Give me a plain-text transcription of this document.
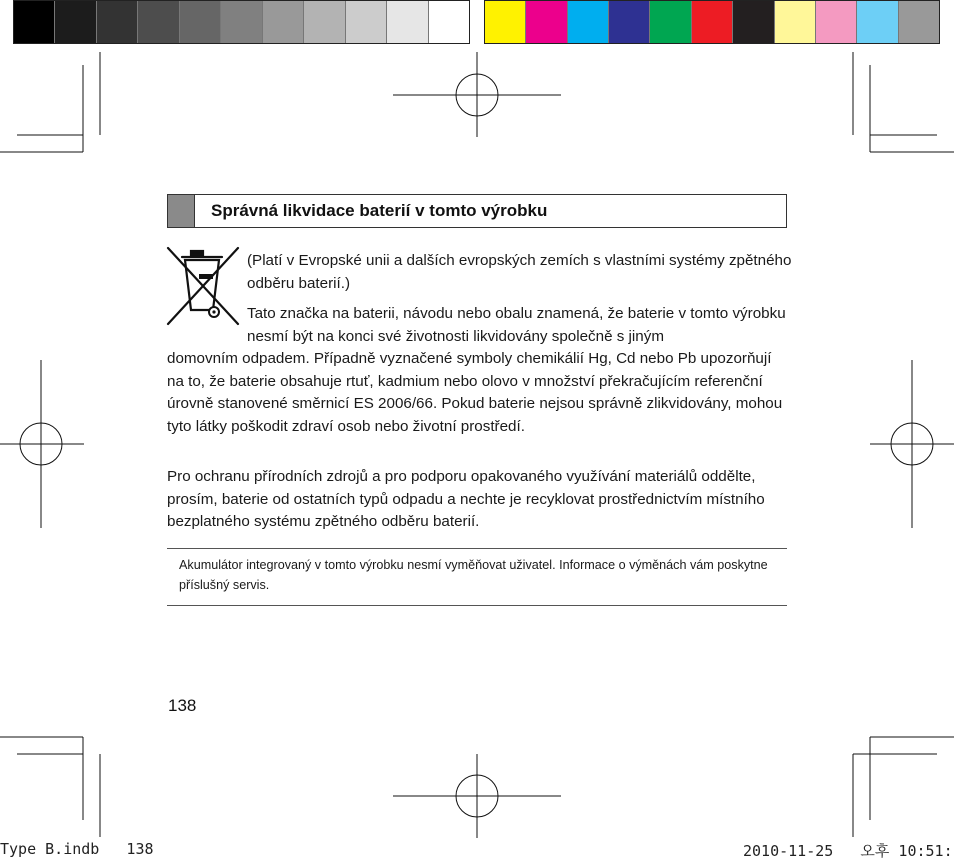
Správná likvidace baterií v tomto výrobku

(Platí v Evropské unii a dalších evropských zemích s vlastními systémy zpětného odběru baterií.)

Tato značka na baterii, návodu nebo obalu znamená, že baterie v tomto výrobku nesmí být na konci své životnosti likvidovány společně s jiným

domovním odpadem. Případně vyznačené symboly chemikálií Hg, Cd nebo Pb upozorňují na to, že baterie obsahuje rtuť, kadmium nebo olovo v množství překračujícím referenční úrovně stanovené směrnicí ES 2006/66. Pokud baterie nejsou správně zlikvidovány, mohou tyto látky poškodit zdraví osob nebo životní prostředí.

Pro ochranu přírodních zdrojů a pro podporu opakovaného využívání materiálů oddělte, prosím, baterie od ostatních typů odpadu a nechte je recyklovat prostřednictvím místního bezplatného systému zpětného odběru baterií.

Akumulátor integrovaný v tomto výrobku nesmí vyměňovat uživatel. Informace o výměnách vám poskytne příslušný servis.
138
Type B.indb   138	2010-11-25   오후 10:51:
